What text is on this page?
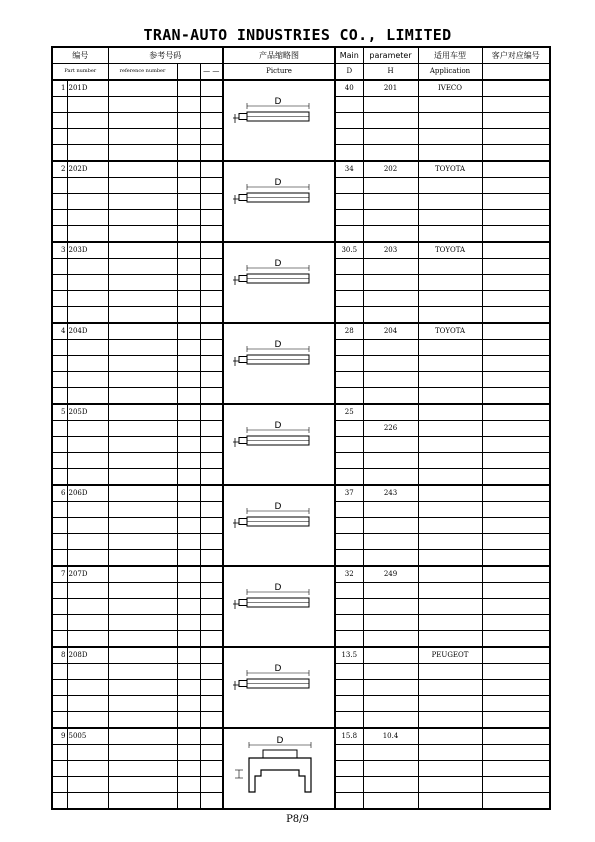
TRAN-AUTO INDUSTRIES CO., LIMITED
编号		参考号码			产品缩略图	Main	parameter	适用车型	客户对应编号
Part number		reference number		— —	Picture	D	H	Application	
1	201D				D	40	201	IVECO	

2	202D				D	34	202	TOYOTA	

3	203D				D	30.5	203	TOYOTA	

4	204D				D	28	204	TOYOTA	

5	205D				D	25			
							226		

6	206D				D	37	243		

7	207D				D	32	249		

8	208D				D	13.5		PEUGEOT	

9	5005				D	15.8	10.4		

P8/9
